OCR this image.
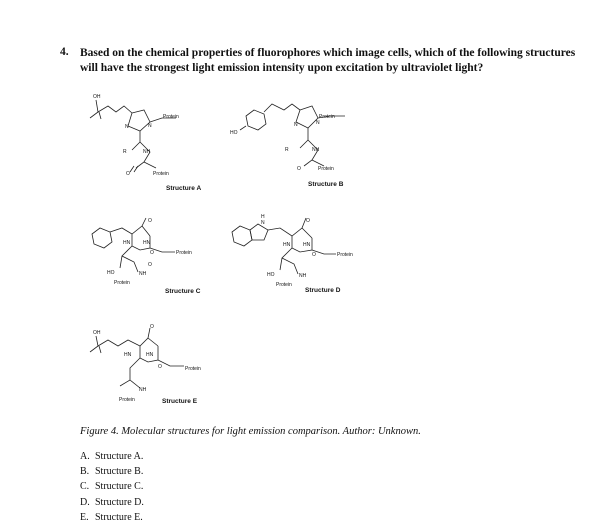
4. Based on the chemical properties of fluorophores which image cells, which of the following structures will have the strongest light emission intensity upon excitation by ultraviolet light?
OH
Protein
N	N
R	NH
O	Protein
Structure A
HO
Protein
N	N
R	NH
O	Protein
Structure B
O
HN	HN
O	Protein
O
HO	NH
Protein
Structure C
H
N	O
HN	HN
O	Protein
HO	NH
Protein
Structure D
OH
O
HN	HN
O	Protein
NH
Protein	Structure E
Figure 4. Molecular structures for light emission comparison. Author: Unknown.
A. Structure A.
B. Structure B.
C. Structure C.
D. Structure D.
E. Structure E.
